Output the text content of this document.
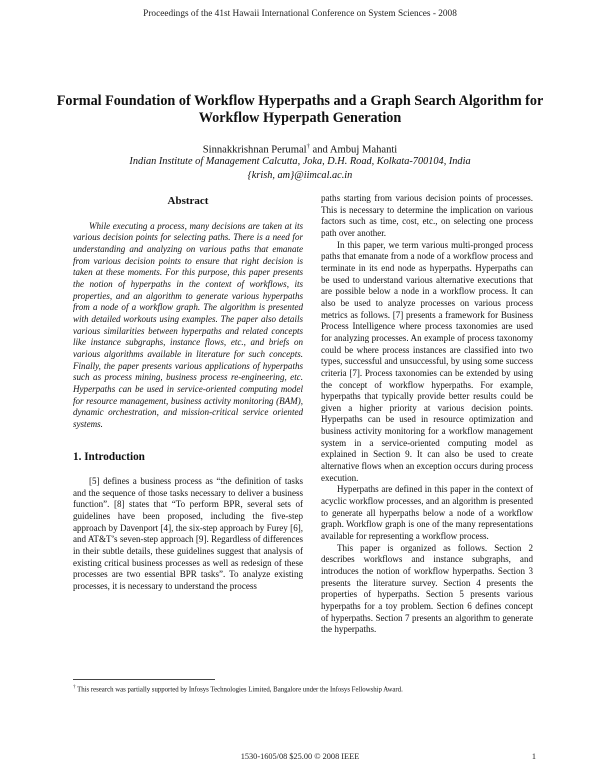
Proceedings of the 41st Hawaii International Conference on System Sciences - 2008
Formal Foundation of Workflow Hyperpaths and a Graph Search Algorithm for Workflow Hyperpath Generation
Sinnakkrishnan Perumal† and Ambuj Mahanti
Indian Institute of Management Calcutta, Joka, D.H. Road, Kolkata-700104, India
{krish, am}@iimcal.ac.in
Abstract

While executing a process, many decisions are taken at its various decision points for selecting paths. There is a need for understanding and analyzing on various paths that emanate from various decision points to ensure that right decision is taken at these moments. For this purpose, this paper presents the notion of hyperpaths in the context of workflows, its properties, and an algorithm to generate various hyperpaths from a node of a workflow graph. The algorithm is presented with detailed workouts using examples. The paper also details various similarities between hyperpaths and related concepts like instance subgraphs, instance flows, etc., and briefs on various algorithms available in literature for such concepts. Finally, the paper presents various applications of hyperpaths such as process mining, business process re-engineering, etc. Hyperpaths can be used in service-oriented computing model for resource management, business activity monitoring (BAM), dynamic orchestration, and mission-critical service oriented systems.

1. Introduction

[5] defines a business process as “the definition of tasks and the sequence of those tasks necessary to deliver a business function”. [8] states that “To perform BPR, several sets of guidelines have been proposed, including the five-step approach by Davenport [4], the six-step approach by Furey [6], and AT&T’s seven-step approach [9]. Regardless of differences in their subtle details, these guidelines suggest that analysis of existing critical business processes as well as redesign of these processes are two essential BPR tasks”. To analyze existing processes, it is necessary to understand the process

paths starting from various decision points of processes. This is necessary to determine the implication on various factors such as time, cost, etc., on selecting one process path over another.

In this paper, we term various multi-pronged process paths that emanate from a node of a workflow process and terminate in its end node as hyperpaths. Hyperpaths can be used to understand various alternative executions that are possible below a node in a workflow process. It can also be used to analyze processes on various process metrics as follows. [7] presents a framework for Business Process Intelligence where process taxonomies are used for analyzing processes. An example of process taxonomy could be where process instances are classified into two types, successful and unsuccessful, by using some success criteria [7]. Process taxonomies can be extended by using the concept of workflow hyperpaths. For example, hyperpaths that typically provide better results could be given a higher priority at various decision points. Hyperpaths can be used in resource optimization and business activity monitoring for a workflow management system in a service-oriented computing model as explained in Section 9. It can also be used to create alternative flows when an exception occurs during process execution.

Hyperpaths are defined in this paper in the context of acyclic workflow processes, and an algorithm is presented to generate all hyperpaths below a node of a workflow graph. Workflow graph is one of the many representations available for representing a workflow process.

This paper is organized as follows. Section 2 describes workflows and instance subgraphs, and introduces the notion of workflow hyperpaths. Section 3 presents the literature survey. Section 4 presents the properties of hyperpaths. Section 5 presents various hyperpaths for a toy problem. Section 6 defines concept of hyperpaths. Section 7 presents an algorithm to generate the hyperpaths.

† This research was partially supported by Infosys Technologies Limited, Bangalore under the Infosys Fellowship Award.
1530-1605/08 $25.00 © 2008 IEEE	1
